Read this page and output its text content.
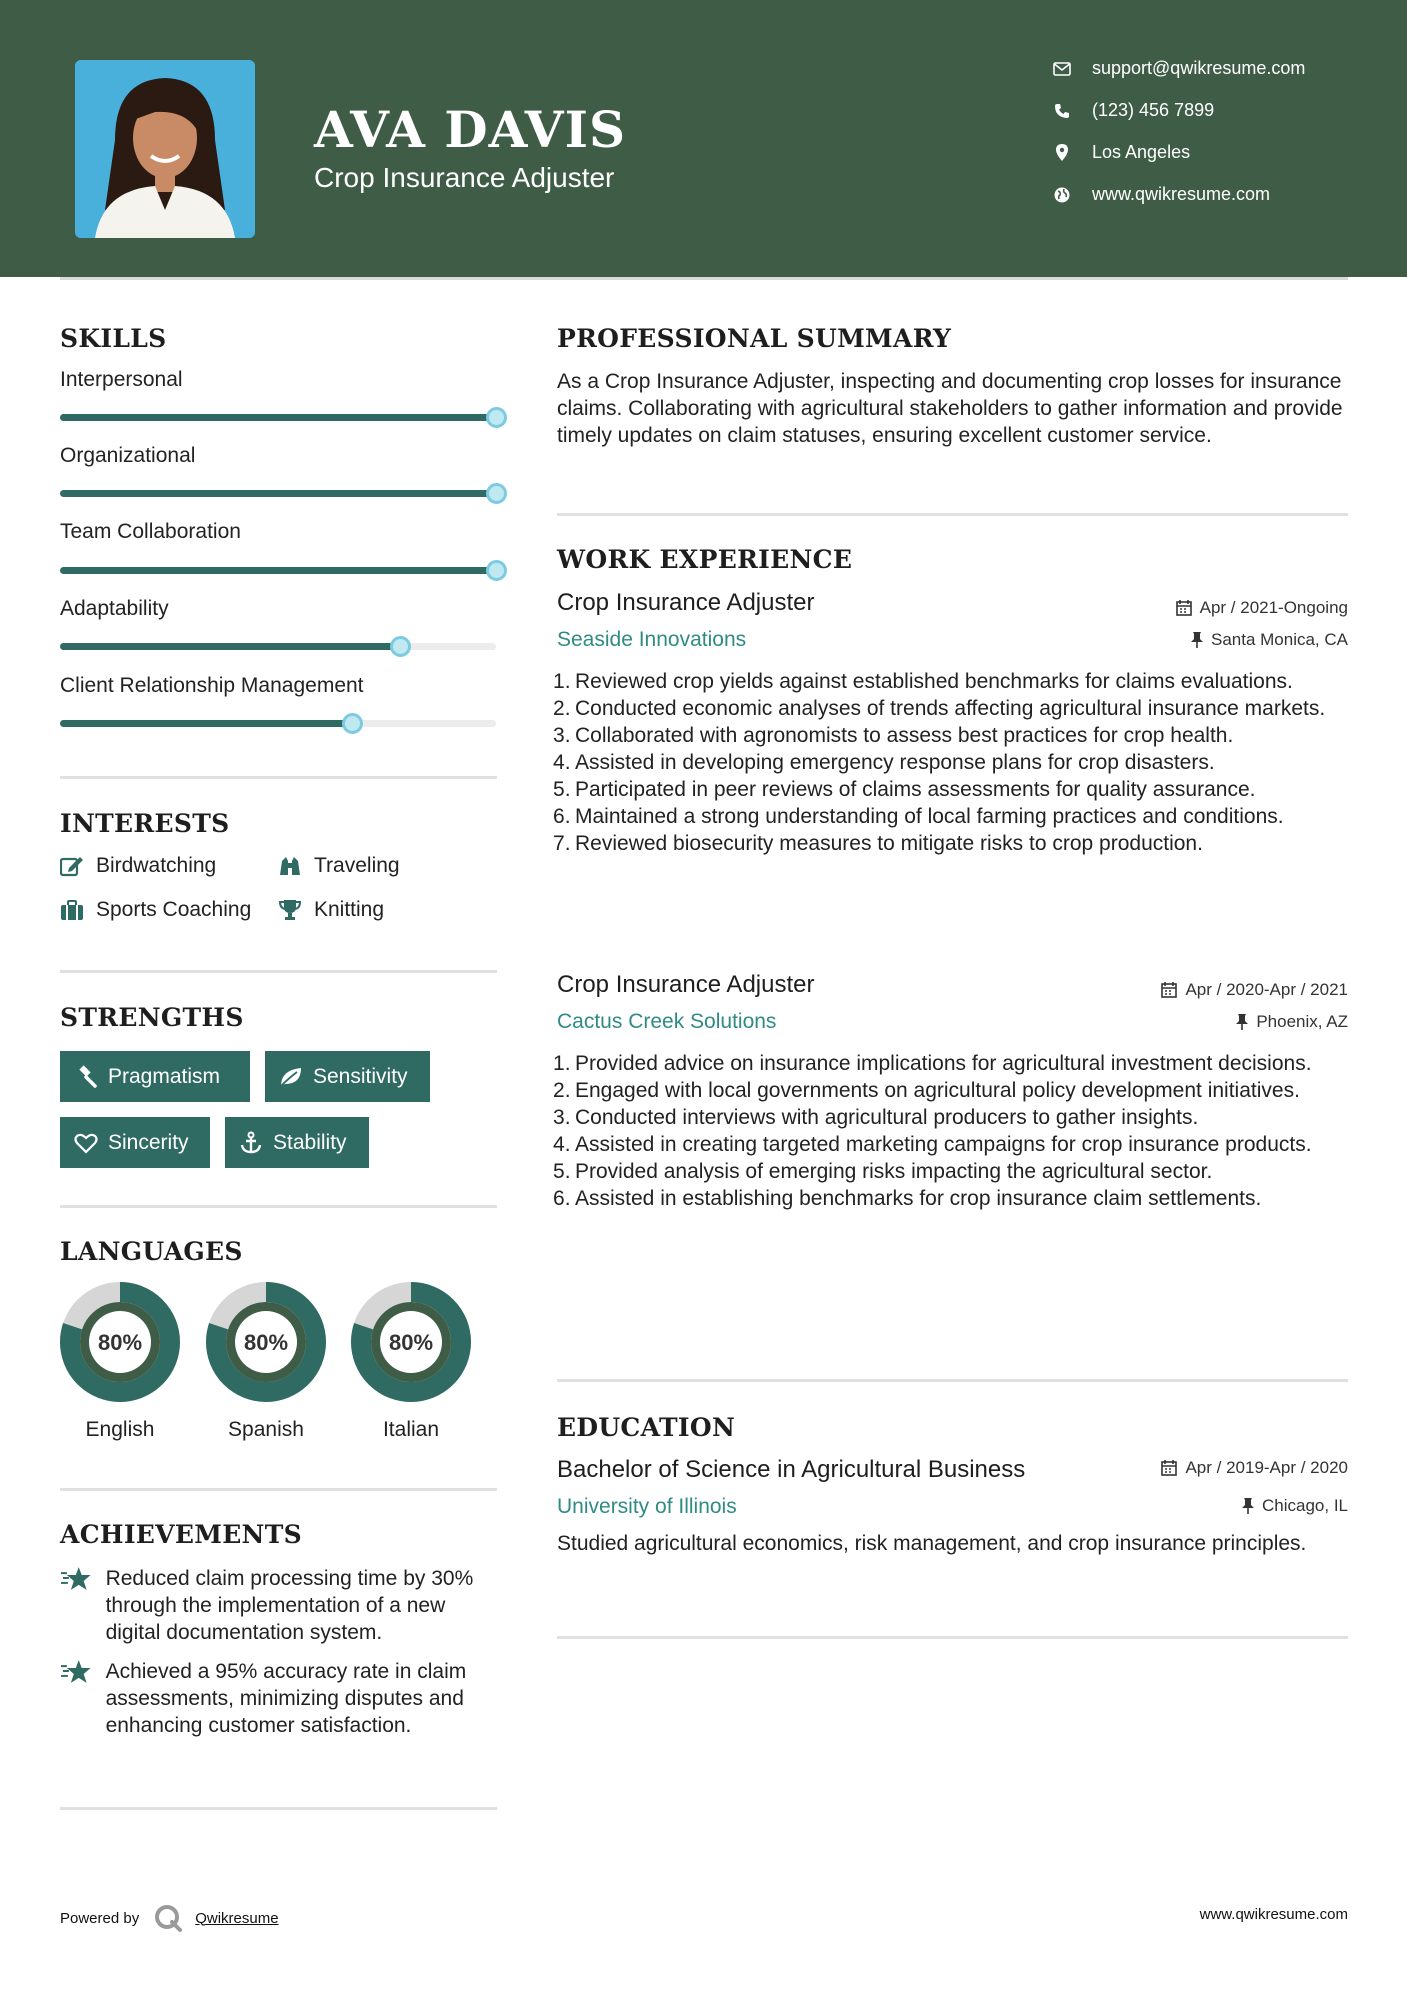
AVA DAVIS
Crop Insurance Adjuster
support@qwikresume.com
(123) 456 7899
Los Angeles
www.qwikresume.com
SKILLS
Interpersonal
Organizational
Team Collaboration
Adaptability
Client Relationship Management
INTERESTS
Birdwatching	Traveling
Sports Coaching	Knitting
STRENGTHS
Pragmatism	Sensitivity
Sincerity	Stability
LANGUAGES
80%	80%	80%
English	Spanish	Italian
ACHIEVEMENTS
Reduced claim processing time by 30% through the implementation of a new digital documentation system.
Achieved a 95% accuracy rate in claim assessments, minimizing disputes and enhancing customer satisfaction.
PROFESSIONAL SUMMARY
As a Crop Insurance Adjuster, inspecting and documenting crop losses for insurance claims. Collaborating with agricultural stakeholders to gather information and provide timely updates on claim statuses, ensuring excellent customer service.
WORK EXPERIENCE
Crop Insurance Adjuster	Apr / 2021-Ongoing
Seaside Innovations	Santa Monica, CA
Reviewed crop yields against established benchmarks for claims evaluations.
Conducted economic analyses of trends affecting agricultural insurance markets.
Collaborated with agronomists to assess best practices for crop health.
Assisted in developing emergency response plans for crop disasters.
Participated in peer reviews of claims assessments for quality assurance.
Maintained a strong understanding of local farming practices and conditions.
Reviewed biosecurity measures to mitigate risks to crop production.
Crop Insurance Adjuster	Apr / 2020-Apr / 2021
Cactus Creek Solutions	Phoenix, AZ
Provided advice on insurance implications for agricultural investment decisions.
Engaged with local governments on agricultural policy development initiatives.
Conducted interviews with agricultural producers to gather insights.
Assisted in creating targeted marketing campaigns for crop insurance products.
Provided analysis of emerging risks impacting the agricultural sector.
Assisted in establishing benchmarks for crop insurance claim settlements.
EDUCATION
Bachelor of Science in Agricultural Business	Apr / 2019-Apr / 2020
University of Illinois	Chicago, IL
Studied agricultural economics, risk management, and crop insurance principles.
Powered by	Qwikresume	www.qwikresume.com
